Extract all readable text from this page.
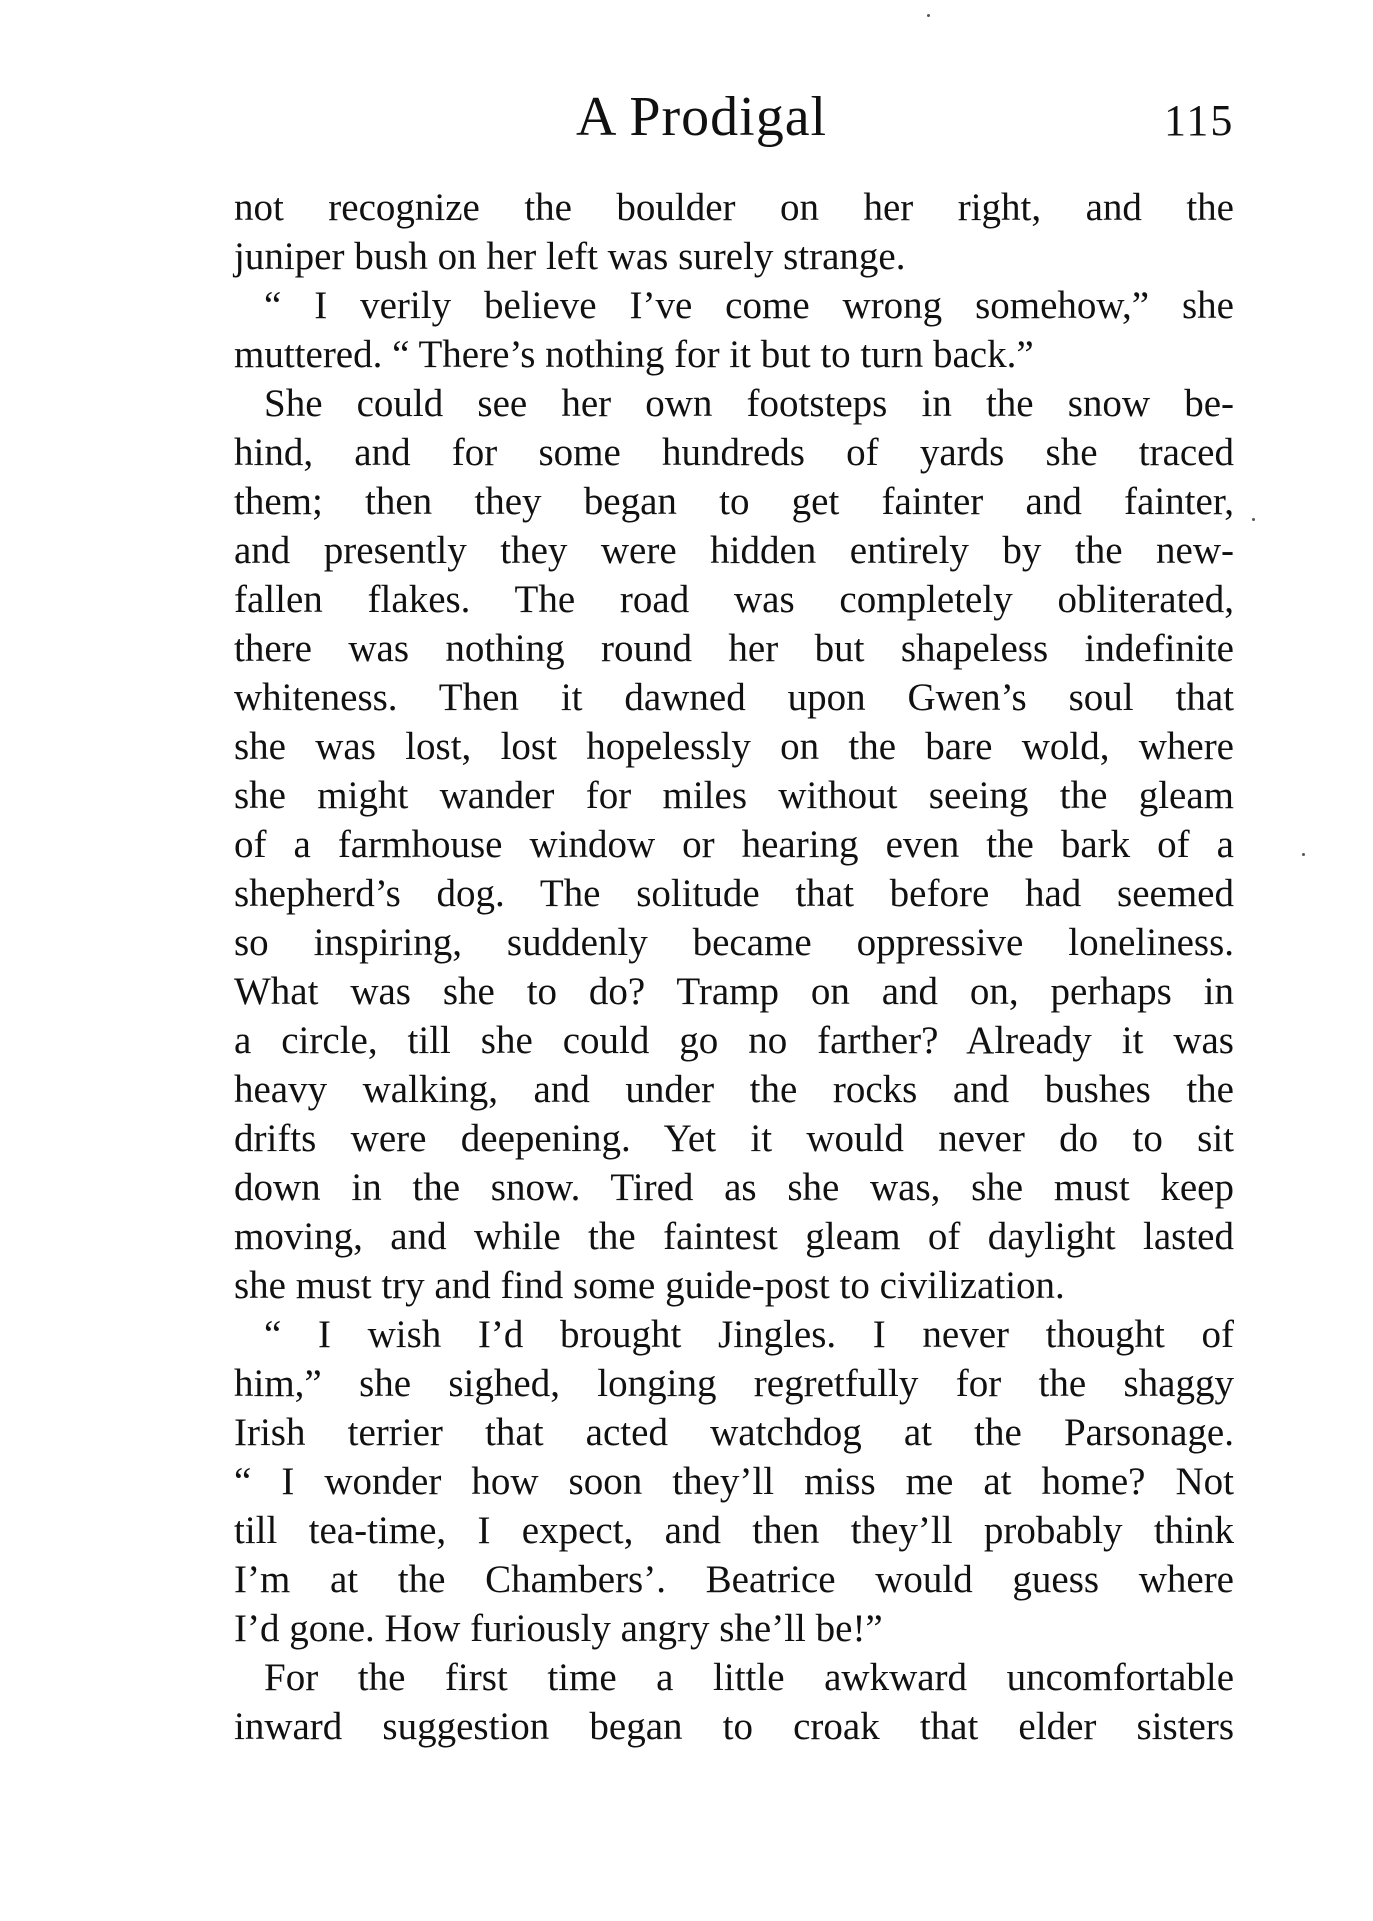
A Prodigal	115
not recognize the boulder on her right, and the
juniper bush on her left was surely strange.
“ I verily believe I’ve come wrong somehow,” she
muttered. “ There’s nothing for it but to turn back.”
She could see her own footsteps in the snow be-
hind, and for some hundreds of yards she traced
them; then they began to get fainter and fainter,
and presently they were hidden entirely by the new-
fallen flakes. The road was completely obliterated,
there was nothing round her but shapeless indefinite
whiteness. Then it dawned upon Gwen’s soul that
she was lost, lost hopelessly on the bare wold, where
she might wander for miles without seeing the gleam
of a farmhouse window or hearing even the bark of a
shepherd’s dog. The solitude that before had seemed
so inspiring, suddenly became oppressive loneliness.
What was she to do? Tramp on and on, perhaps in
a circle, till she could go no farther? Already it was
heavy walking, and under the rocks and bushes the
drifts were deepening. Yet it would never do to sit
down in the snow. Tired as she was, she must keep
moving, and while the faintest gleam of daylight lasted
she must try and find some guide-post to civilization.
“ I wish I’d brought Jingles. I never thought of
him,” she sighed, longing regretfully for the shaggy
Irish terrier that acted watchdog at the Parsonage.
“ I wonder how soon they’ll miss me at home? Not
till tea-time, I expect, and then they’ll probably think
I’m at the Chambers’. Beatrice would guess where
I’d gone. How furiously angry she’ll be!”
For the first time a little awkward uncomfortable
inward suggestion began to croak that elder sisters
